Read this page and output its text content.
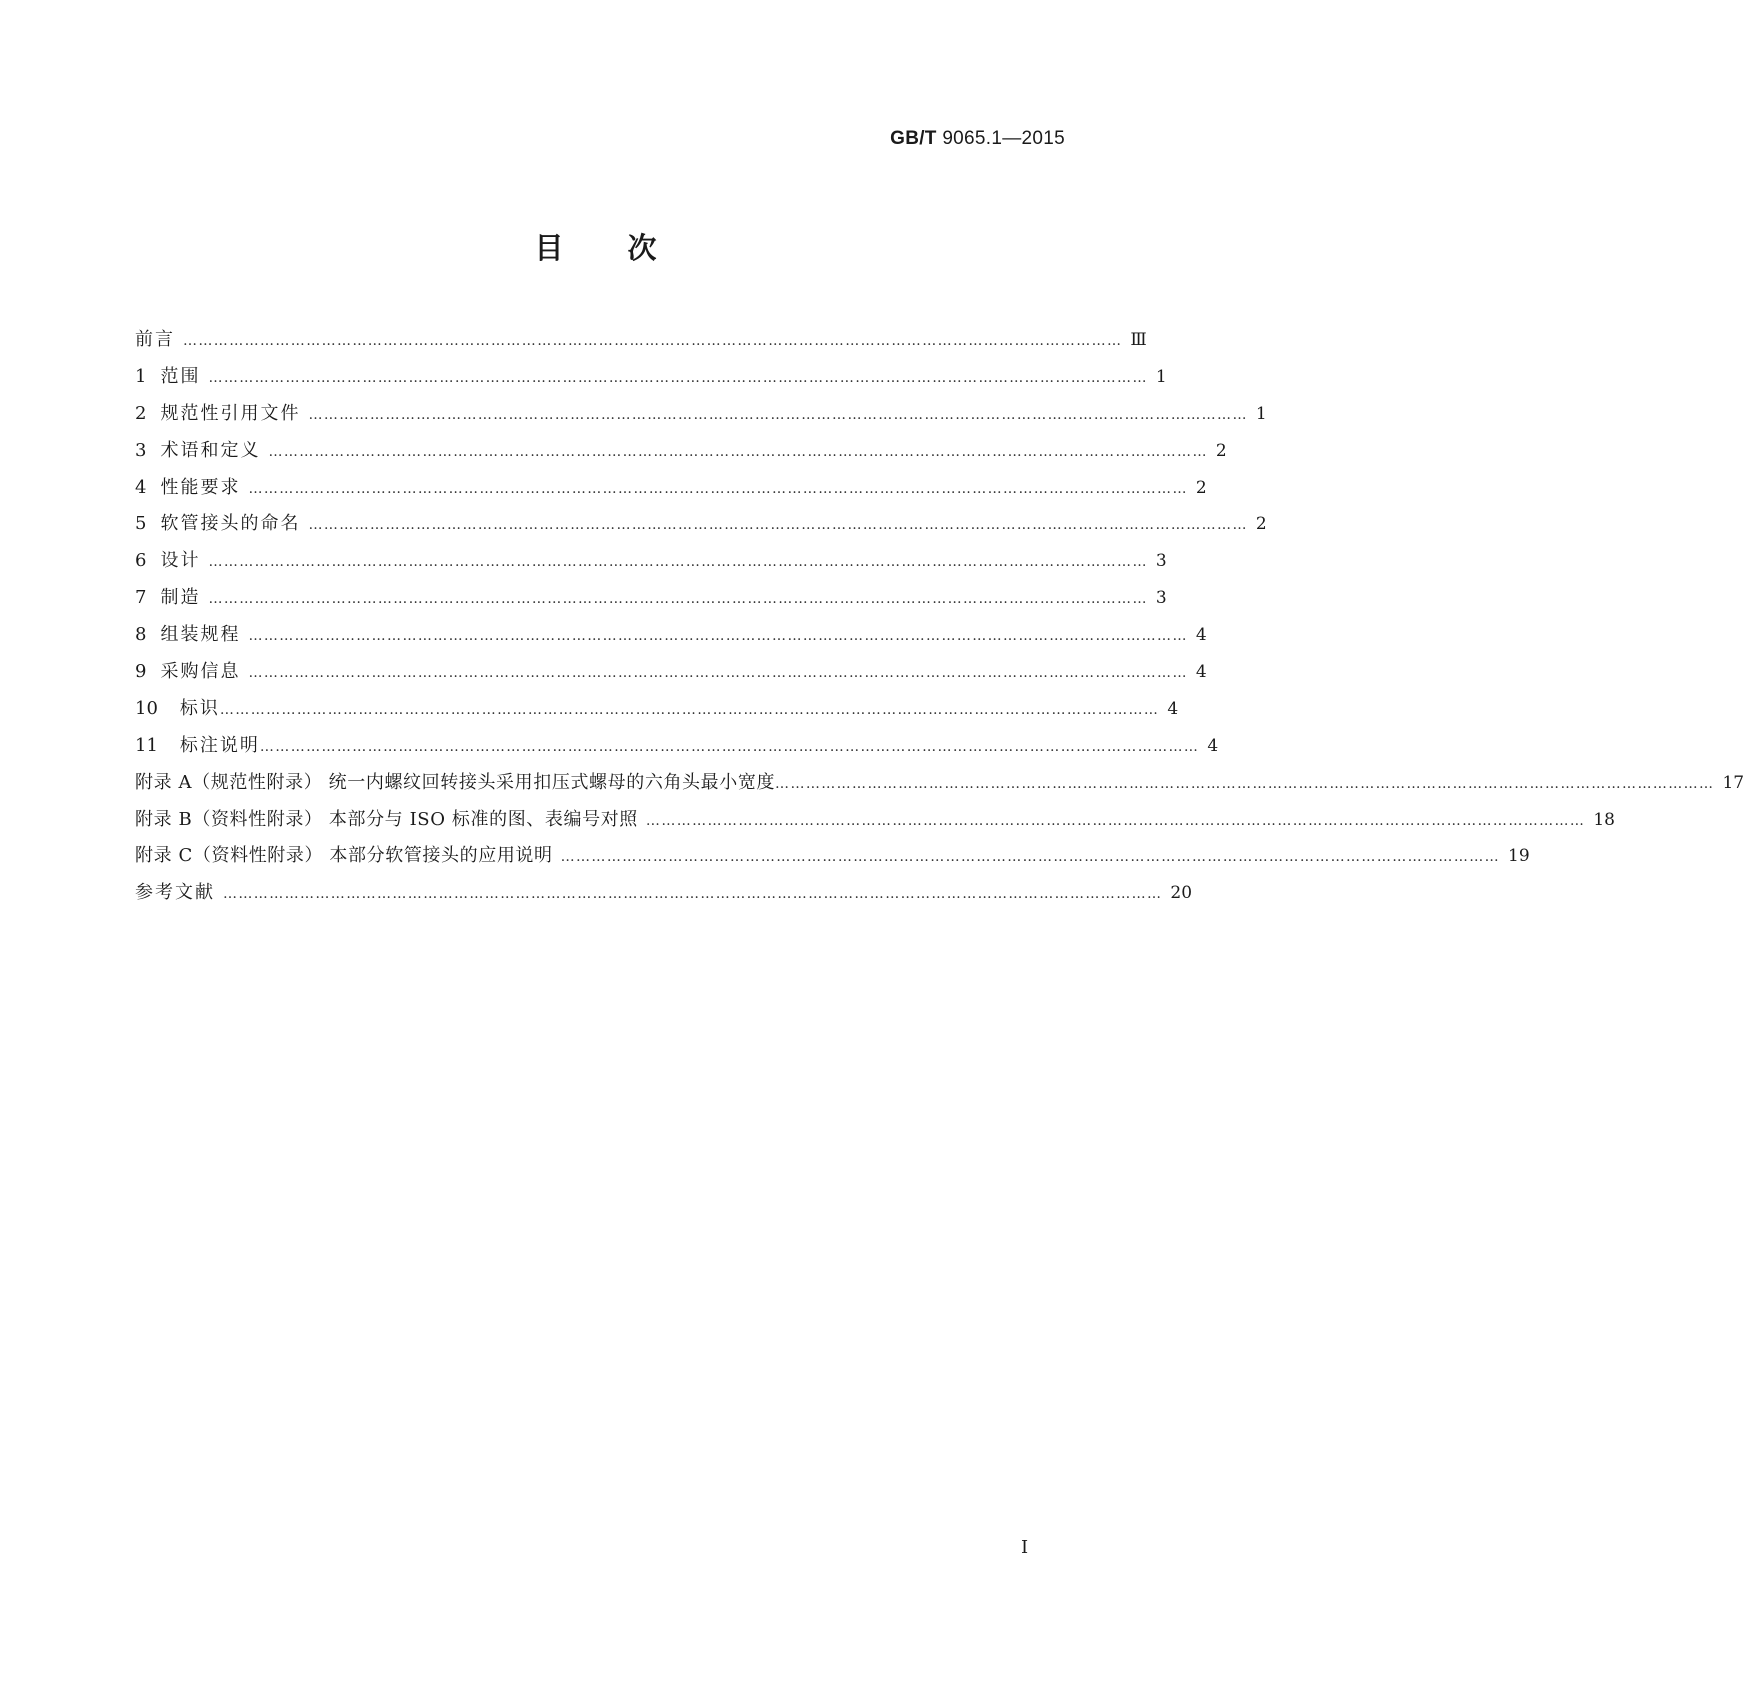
GB/T 9065.1—2015
目次
前言 ………………………………………………………………………………………………………………………………………………………………… Ⅲ
1 范围 ………………………………………………………………………………………………………………………………………………………………… 1
2 规范性引用文件 ………………………………………………………………………………………………………………………………………………………………… 1
3 术语和定义 ………………………………………………………………………………………………………………………………………………………………… 2
4 性能要求 ………………………………………………………………………………………………………………………………………………………………… 2
5 软管接头的命名 ………………………………………………………………………………………………………………………………………………………………… 2
6 设计 ………………………………………………………………………………………………………………………………………………………………… 3
7 制造 ………………………………………………………………………………………………………………………………………………………………… 3
8 组装规程 ………………………………………………………………………………………………………………………………………………………………… 4
9 采购信息 ………………………………………………………………………………………………………………………………………………………………… 4
10 标识 ………………………………………………………………………………………………………………………………………………………………… 4
11 标注说明 ………………………………………………………………………………………………………………………………………………………………… 4
附录 A（规范性附录） 统一内螺纹回转接头采用扣压式螺母的六角头最小宽度 ………………………………………………………………………………………………………………………………………………………………… 17
附录 B（资料性附录） 本部分与 ISO 标准的图、表编号对照 ………………………………………………………………………………………………………………………………………………………………… 18
附录 C（资料性附录） 本部分软管接头的应用说明 ………………………………………………………………………………………………………………………………………………………………… 19
参考文献 ………………………………………………………………………………………………………………………………………………………………… 20
I
